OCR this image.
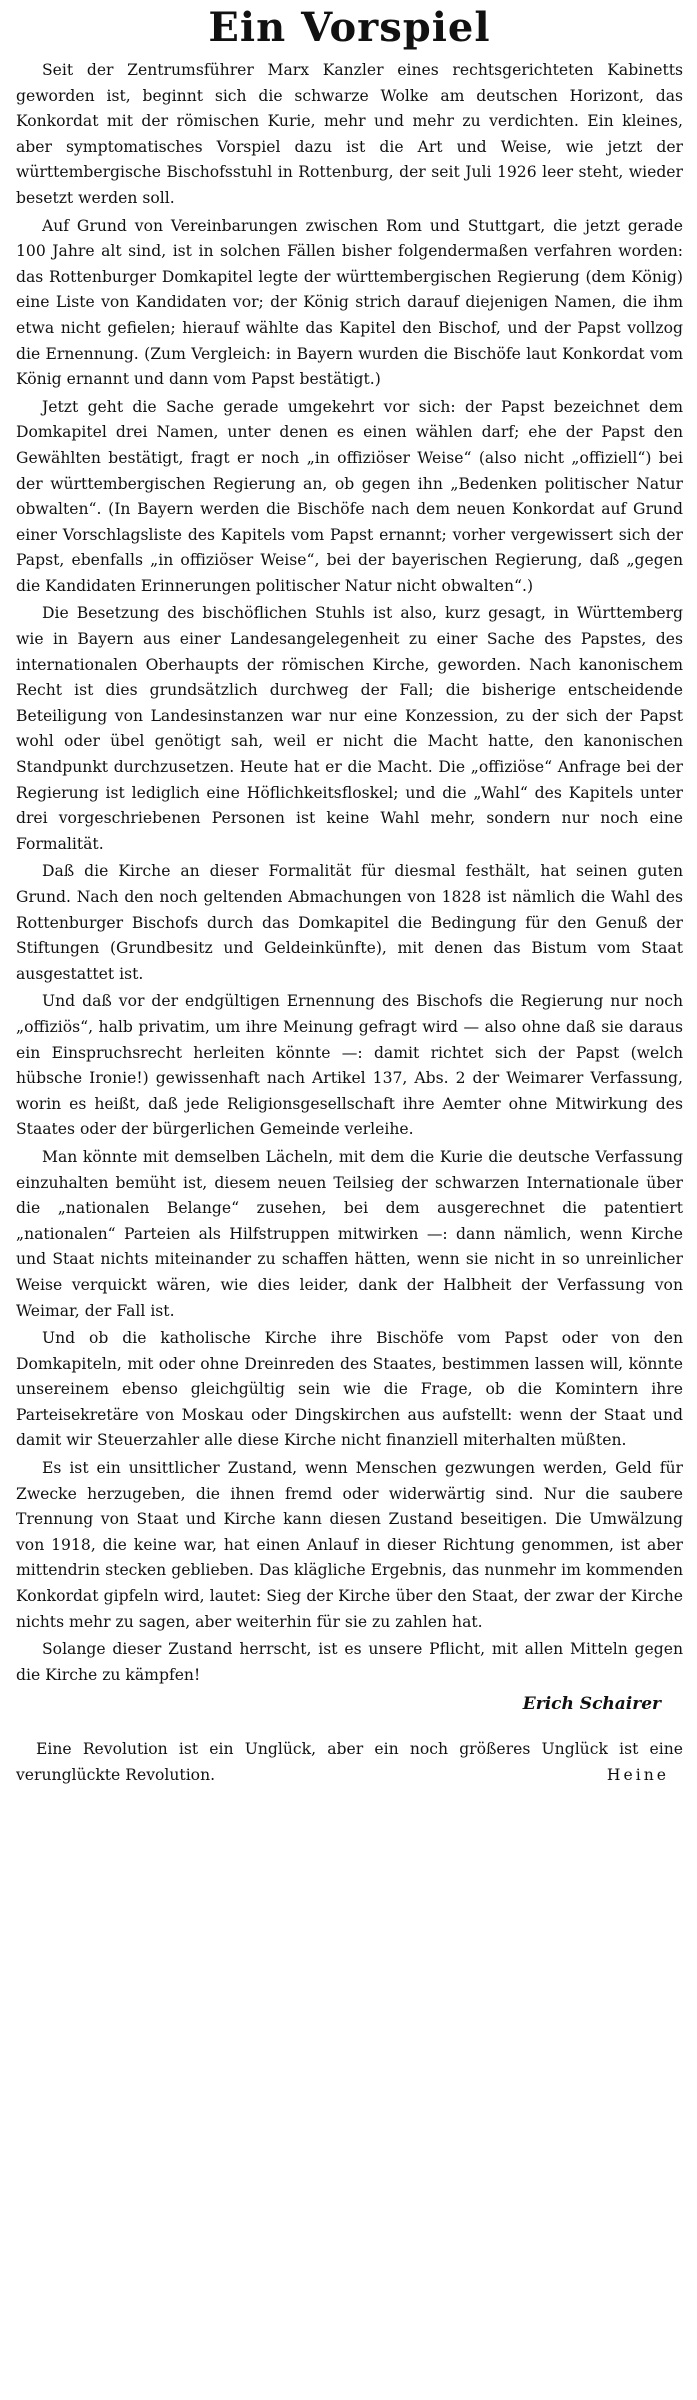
Ein Vorspiel

Seit der Zentrumsführer Marx Kanzler eines rechtsgerichteten Kabinetts geworden ist, beginnt sich die schwarze Wolke am deutschen Horizont, das Konkordat mit der römischen Kurie, mehr und mehr zu verdichten. Ein kleines, aber symptomatisches Vorspiel dazu ist die Art und Weise, wie jetzt der württembergische Bischofsstuhl in Rottenburg, der seit Juli 1926 leer steht, wieder besetzt werden soll.

Auf Grund von Vereinbarungen zwischen Rom und Stuttgart, die jetzt gerade 100 Jahre alt sind, ist in solchen Fällen bisher folgendermaßen verfahren worden: das Rottenburger Domkapitel legte der württembergischen Regierung (dem König) eine Liste von Kandidaten vor; der König strich darauf diejenigen Namen, die ihm etwa nicht gefielen; hierauf wählte das Kapitel den Bischof, und der Papst vollzog die Ernennung. (Zum Vergleich: in Bayern wurden die Bischöfe laut Konkordat vom König ernannt und dann vom Papst bestätigt.)

Jetzt geht die Sache gerade umgekehrt vor sich: der Papst bezeichnet dem Domkapitel drei Namen, unter denen es einen wählen darf; ehe der Papst den Gewählten bestätigt, fragt er noch „in offiziöser Weise“ (also nicht „offiziell“) bei der württembergischen Regierung an, ob gegen ihn „Bedenken politischer Natur obwalten“. (In Bayern werden die Bischöfe nach dem neuen Konkordat auf Grund einer Vorschlagsliste des Kapitels vom Papst ernannt; vorher vergewissert sich der Papst, ebenfalls „in offiziöser Weise“, bei der bayerischen Regierung, daß „gegen die Kandidaten Erinnerungen politischer Natur nicht obwalten“.)

Die Besetzung des bischöflichen Stuhls ist also, kurz gesagt, in Württemberg wie in Bayern aus einer Landesangelegenheit zu einer Sache des Papstes, des internationalen Oberhaupts der römischen Kirche, geworden. Nach kanonischem Recht ist dies grundsätzlich durchweg der Fall; die bisherige entscheidende Beteiligung von Landesinstanzen war nur eine Konzession, zu der sich der Papst wohl oder übel genötigt sah, weil er nicht die Macht hatte, den kanonischen Standpunkt durchzusetzen. Heute hat er die Macht. Die „offiziöse“ Anfrage bei der Regierung ist lediglich eine Höflichkeitsfloskel; und die „Wahl“ des Kapitels unter drei vorgeschriebenen Personen ist keine Wahl mehr, sondern nur noch eine Formalität.

Daß die Kirche an dieser Formalität für diesmal festhält, hat seinen guten Grund. Nach den noch geltenden Abmachungen von 1828 ist nämlich die Wahl des Rottenburger Bischofs durch das Domkapitel die Bedingung für den Genuß der Stiftungen (Grundbesitz und Geldeinkünfte), mit denen das Bistum vom Staat ausgestattet ist.

Und daß vor der endgültigen Ernennung des Bischofs die Regierung nur noch „offiziös“, halb privatim, um ihre Meinung gefragt wird — also ohne daß sie daraus ein Einspruchsrecht herleiten könnte —: damit richtet sich der Papst (welch hübsche Ironie!) gewissenhaft nach Artikel 137, Abs. 2 der Weimarer Verfassung, worin es heißt, daß jede Religionsgesellschaft ihre Aemter ohne Mitwirkung des Staates oder der bürgerlichen Gemeinde verleihe.

Man könnte mit demselben Lächeln, mit dem die Kurie die deutsche Verfassung einzuhalten bemüht ist, diesem neuen Teilsieg der schwarzen Internationale über die „nationalen Belange“ zusehen, bei dem ausgerechnet die patentiert „nationalen“ Parteien als Hilfstruppen mitwirken —: dann nämlich, wenn Kirche und Staat nichts miteinander zu schaffen hätten, wenn sie nicht in so unreinlicher Weise verquickt wären, wie dies leider, dank der Halbheit der Verfassung von Weimar, der Fall ist.

Und ob die katholische Kirche ihre Bischöfe vom Papst oder von den Domkapiteln, mit oder ohne Dreinreden des Staates, bestimmen lassen will, könnte unsereinem ebenso gleichgültig sein wie die Frage, ob die Komintern ihre Parteisekretäre von Moskau oder Dingskirchen aus aufstellt: wenn der Staat und damit wir Steuerzahler alle diese Kirche nicht finanziell miterhalten müßten.

Es ist ein unsittlicher Zustand, wenn Menschen gezwungen werden, Geld für Zwecke herzugeben, die ihnen fremd oder widerwärtig sind. Nur die saubere Trennung von Staat und Kirche kann diesen Zustand beseitigen. Die Umwälzung von 1918, die keine war, hat einen Anlauf in dieser Richtung genommen, ist aber mittendrin stecken geblieben. Das klägliche Ergebnis, das nunmehr im kommenden Konkordat gipfeln wird, lautet: Sieg der Kirche über den Staat, der zwar der Kirche nichts mehr zu sagen, aber weiterhin für sie zu zahlen hat.

Solange dieser Zustand herrscht, ist es unsere Pflicht, mit allen Mitteln gegen die Kirche zu kämpfen!

Erich Schairer

Eine Revolution ist ein Unglück, aber ein noch größeres Unglück ist eine verunglückte Revolution.	Heine
